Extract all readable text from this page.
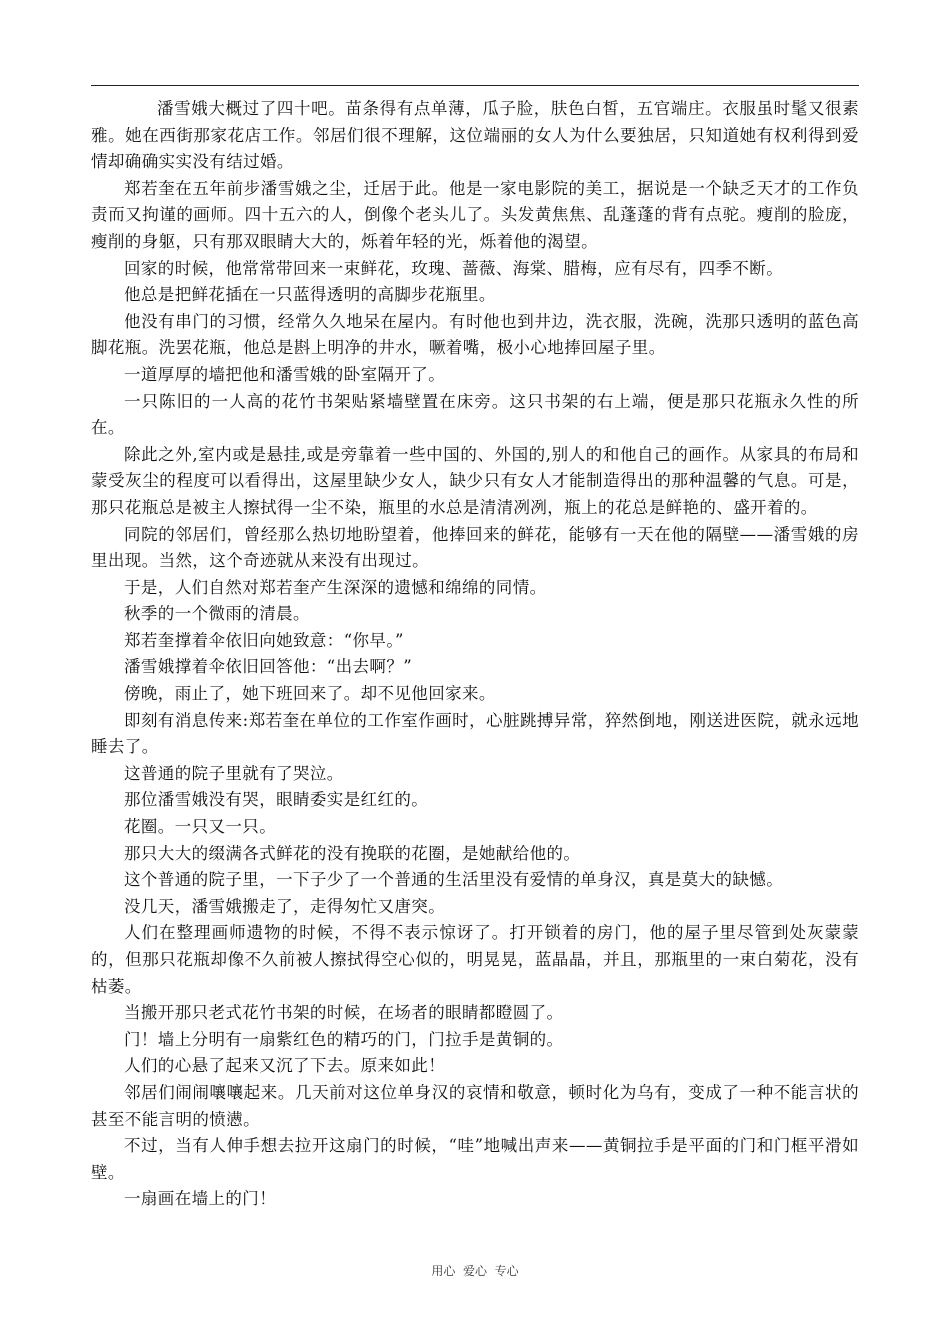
潘雪娥大概过了四十吧。苗条得有点单薄，瓜子脸，肤色白皙，五官端庄。衣服虽时髦又很素雅。她在西街那家花店工作。邻居们很不理解，这位端丽的女人为什么要独居，只知道她有权利得到爱情却确确实实没有结过婚。

郑若奎在五年前步潘雪娥之尘，迁居于此。他是一家电影院的美工，据说是一个缺乏天才的工作负责而又拘谨的画师。四十五六的人，倒像个老头儿了。头发黄焦焦、乱蓬蓬的背有点驼。瘦削的脸庞，瘦削的身躯，只有那双眼睛大大的，烁着年轻的光，烁着他的渴望。

回家的时候，他常常带回来一束鲜花，玫瑰、蔷薇、海棠、腊梅，应有尽有，四季不断。

他总是把鲜花插在一只蓝得透明的高脚步花瓶里。

他没有串门的习惯，经常久久地呆在屋内。有时他也到井边，洗衣服，洗碗，洗那只透明的蓝色高脚花瓶。洗罢花瓶，他总是斟上明净的井水，噘着嘴，极小心地捧回屋子里。

一道厚厚的墙把他和潘雪娥的卧室隔开了。

一只陈旧的一人高的花竹书架贴紧墙壁置在床旁。这只书架的右上端，便是那只花瓶永久性的所在。

除此之外,室内或是悬挂,或是旁靠着一些中国的、外国的,别人的和他自己的画作。从家具的布局和蒙受灰尘的程度可以看得出，这屋里缺少女人，缺少只有女人才能制造得出的那种温馨的气息。可是，那只花瓶总是被主人擦拭得一尘不染，瓶里的水总是清清冽冽，瓶上的花总是鲜艳的、盛开着的。

同院的邻居们，曾经那么热切地盼望着，他捧回来的鲜花，能够有一天在他的隔壁——潘雪娥的房里出现。当然，这个奇迹就从来没有出现过。

于是，人们自然对郑若奎产生深深的遗憾和绵绵的同情。

秋季的一个微雨的清晨。

郑若奎撑着伞依旧向她致意：“你早。”

潘雪娥撑着伞依旧回答他：“出去啊？”

傍晚，雨止了，她下班回来了。却不见他回家来。

即刻有消息传来:郑若奎在单位的工作室作画时，心脏跳搏异常，猝然倒地，刚送进医院，就永远地睡去了。

这普通的院子里就有了哭泣。

那位潘雪娥没有哭，眼睛委实是红红的。

花圈。一只又一只。

那只大大的缀满各式鲜花的没有挽联的花圈，是她献给他的。

这个普通的院子里，一下子少了一个普通的生活里没有爱情的单身汉，真是莫大的缺憾。

没几天，潘雪娥搬走了，走得匆忙又唐突。

人们在整理画师遗物的时候，不得不表示惊讶了。打开锁着的房门，他的屋子里尽管到处灰蒙蒙的，但那只花瓶却像不久前被人擦拭得空心似的，明晃晃，蓝晶晶，并且，那瓶里的一束白菊花，没有枯萎。

当搬开那只老式花竹书架的时候，在场者的眼睛都瞪圆了。

门！墙上分明有一扇紫红色的精巧的门，门拉手是黄铜的。

人们的心悬了起来又沉了下去。原来如此！

邻居们闹闹嚷嚷起来。几天前对这位单身汉的哀情和敬意，顿时化为乌有，变成了一种不能言状的甚至不能言明的愤懑。

不过，当有人伸手想去拉开这扇门的时候，“哇”地喊出声来——黄铜拉手是平面的门和门框平滑如壁。

一扇画在墙上的门！

用心  爱心  专心
